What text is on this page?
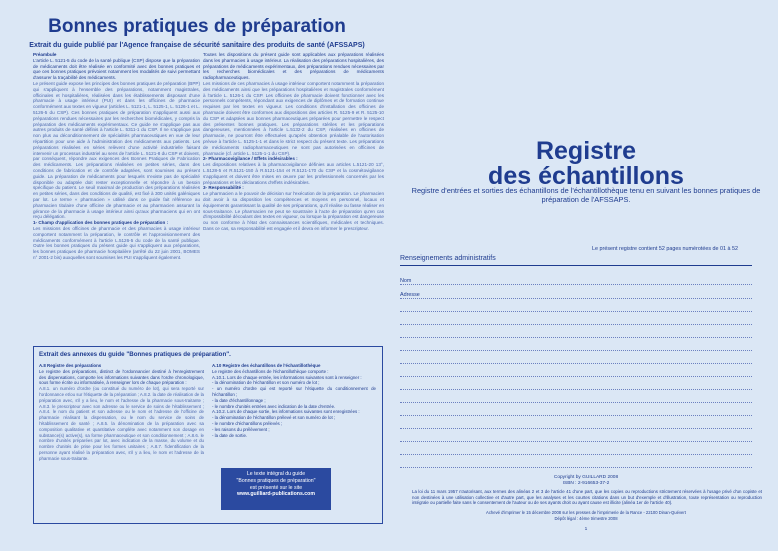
Bonnes pratiques de préparation
Extrait du guide publié par l'Agence française de sécurité sanitaire des produits de santé (AFSSAPS)

Préambule

L'article L. 5121-5 du code de la santé publique (CSP) dispose que la préparation de médicaments doit être réalisée en conformité avec des bonnes pratiques et que ces bonnes pratiques prévoient notamment les modalités de suivi permettant d'assurer la traçabilité des médicaments.

Le présent guide expose les principes des bonnes pratiques de préparation (BPP) qui s'appliquent à l'ensemble des préparations, notamment magistrales, officinales et hospitalières, réalisées dans les établissements disposant d'une pharmacie à usage intérieur (PUI) et dans les officines de pharmacie conformément aux textes en vigueur (articles L. 5121-1, L. 5125-1, L. 5126-1 et L. 5126-5 du CSP). Ces bonnes pratiques de préparation s'appliquent aussi aux préparations rendues nécessaires par les recherches biomédicales, y compris la préparation des médicaments expérimentaux. Ce guide ne s'applique pas aux autres produits de santé définis à l'article L. 5311-1 du CSP. Il ne s'applique pas non plus au déconditionnement de spécialités pharmaceutiques en vue de leur répartition pour une aide à l'administration des médicaments aux patients. Les préparations réalisées en séries relèvent d'une activité industrielle faisant intervenir un processus industriel au sens de l'article L. 5121-8 du CSP et doivent, par conséquent, répondre aux exigences des Bonnes Pratiques de Fabrication des médicaments. Les préparations réalisées en petites séries, dans des conditions de fabrication et de contrôle adaptées, sont soumises au présent guide. La préparation de médicaments pour lesquels n'existe pas de spécialité disponible ou adaptée doit rester exceptionnelle et répondre à un besoin spécifique du patient. Le seuil maximal de production des préparations réalisées en petites séries, dans des conditions de qualité, est fixé à 300 unités galéniques par lot. Le terme « pharmacien » utilisé dans ce guide fait référence au pharmacien titulaire d'une officine de pharmacie et au pharmacien assurant la gérance de la pharmacie à usage intérieur ainsi qu'aux pharmaciens qui en ont reçu délégation.

1- Champ d'application des bonnes pratiques de préparation :

Les missions des officines de pharmacie et des pharmacies à usage intérieur comportent notamment la préparation, le contrôle et l'approvisionnement des médicaments conformément à l'article L.5126-5 du code de la santé publique. Outre les bonnes pratiques du présent guide qui s'appliquent aux préparations, les bonnes pratiques de pharmacie hospitalière (arrêté du 22 juin 2001, BOMES n° 2001-2 bis) auxquelles sont soumises les PUI s'appliquent également.

Toutes les dispositions du présent guide sont applicables aux préparations réalisées dans les pharmacies à usage intérieur. La réalisation des préparations hospitalières, des préparations de médicaments expérimentaux, des préparations rendues nécessaires par les recherches biomédicales et des préparations de médicaments radiopharmaceutiques.

Les missions de ces pharmacies à usage intérieur comportent notamment la préparation des médicaments ainsi que les préparations hospitalières et magistrales conformément à l'article L. 5126-1 du CSP. Les officines de pharmacie doivent fonctionner avec les personnels compétents, répondant aux exigences de diplômes et de formation continue requises par les textes en vigueur. Les conditions d'installation des officines de pharmacie doivent être conformes aux dispositions des articles R. 5125-9 et R. 5125-10 du CSP et adaptées aux bonnes pharmaceutiques préparées pour permettre le respect des présentes bonnes pratiques. Les préparations stériles et les préparations dangereuses, mentionnées à l'article L.5132-2 du CSP, réalisées en officines de pharmacie, ne pourront être effectuées qu'après obtention préalable de l'autorisation prévue à l'article L. 5125-1-1 et dans le strict respect du présent texte. Les préparations de médicaments radiopharmaceutiques ne sont pas autorisées en officines de pharmacie (cf. article L. 5125-1-1 du CSP).

2- Pharmacovigilance / Effets indésirables :

Les dispositions relatives à la pharmacovigilance définies aux articles L.5121-20 13°, L.5128-5 et R.5121-150 à R.5121-154 et R.5121-170 du CSP et la cosmétovigilance s'appliquent et doivent être mises en œuvre par les professionnels concernés par les préparations et les déclarations d'effets indésirables.

3- Responsabilité :

Le pharmacien a le pouvoir de décision sur l'exécution de la préparation. Le pharmacien doit avoir à sa disposition les compétences et moyens en personnel, locaux et équipements garantissant la qualité de ses préparations, qu'il réalise ou fasse réaliser en sous-traitance. Le pharmacien ne peut se soustraire à l'acte de préparation qu'en cas d'impossibilité découlant des textes en vigueur, ou lorsque la préparation est dangereuse ou non conforme à l'état des connaissances scientifiques, médicales et techniques. Dans ce cas, sa responsabilité est engagée et il devra en informer le prescripteur.

Extrait des annexes du guide "Bonnes pratiques de préparation".

A.8 Registre des préparations

Le registre des préparations, distinct de l'ordonnancier destiné à l'enregistrement des dispensations, comporte les informations suivantes dans l'ordre chronologique, sous forme écrite ou informatisée, à renseigner lors de chaque préparation :

A.8.1. un numéro d'ordre (ou constitué du numéro de lot), qui sera reporté sur l'ordonnance et/ou sur l'étiquette de la préparation ; A.8.2. la date de réalisation de la préparation avec, s'il y a lieu, le nom et l'adresse de la pharmacie sous-traitante ; A.8.3. le prescripteur avec son adresse ou le service de soins de l'établissement ; A.8.4. le nom du patient et son adresse ou le nom et l'adresse de l'officine de pharmacie réalisant la dispensation, ou le nom du service de soins de l'établissement de santé ; A.8.5. la dénomination de la préparation avec sa composition qualitative et quantitative complète avec notamment son dosage en substance(s) active(s), sa forme pharmaceutique et son conditionnement ; A.8.6. le nombre d'unités préparées par lot, avec indication de la masse, du volume et du nombre d'unités de prise pour les formes unitaires ; A.8.7. l'identification de la personne ayant réalisé la préparation avec, s'il y a lieu, le nom et l'adresse de la pharmacie sous-traitante.

A.10 Registre des échantillons de l'échantillothèque

Le registre des échantillons de l'échantillothèque comporte :

A.10.1. Lors de chaque entrée, les informations suivantes sont à renseigner :

- la dénomination de l'échantillon et son numéro de lot ;

- un numéro d'ordre qui est reporté sur l'étiquette du conditionnement de l'échantillon ;

- la date d'échantillonnage ;

- le nombre d'unités entrées avec indication de la date d'entrée.

A.10.2. Lors de chaque sortie, les informations suivantes sont enregistrées :

- la dénomination de l'échantillon prélevé et son numéro de lot ;

- le nombre d'échantillons prélevés ;

- les raisons du prélèvement ;

- la date de sortie.

Le texte intégral du guide
"Bonnes pratiques de préparation"
est présenté sur le site
www.guilliard-publications.com
Registre
des échantillons
Registre d'entrées et sorties des échantillons de l'échantillothèque tenu en suivant les bonnes pratiques de préparation de l'AFSSAPS.
Le présent registre contient 52 pages numérotées de 01 à 52
Renseignements administratifs
Nom
Adresse
Copyright by GUILLARD 2008
ISBN : 2-916653-37-2
La loi du 11 mars 1957 n'autorisant, aux termes des alinéas 2 et 3 de l'article 41 d'une part, que les copies ou reproductions strictement réservées à l'usage privé d'un copiste et non destinées à une utilisation collective et d'autre part, que les analyses et les courtes citations dans un but d'exemple et d'illustration, toute représentation ou reproduction intégrale ou partielle faite sans le consentement de l'auteur ou de ses ayants droit ou ayant cause est illicite (alinéa 1er de l'article 40).
Achevé d'imprimer le 15 décembre 2008 sur les presses de l'imprimerie de la Rance - 22100 Dinan-Quévert
Dépôt légal : 4ème trimestre 2008
1
